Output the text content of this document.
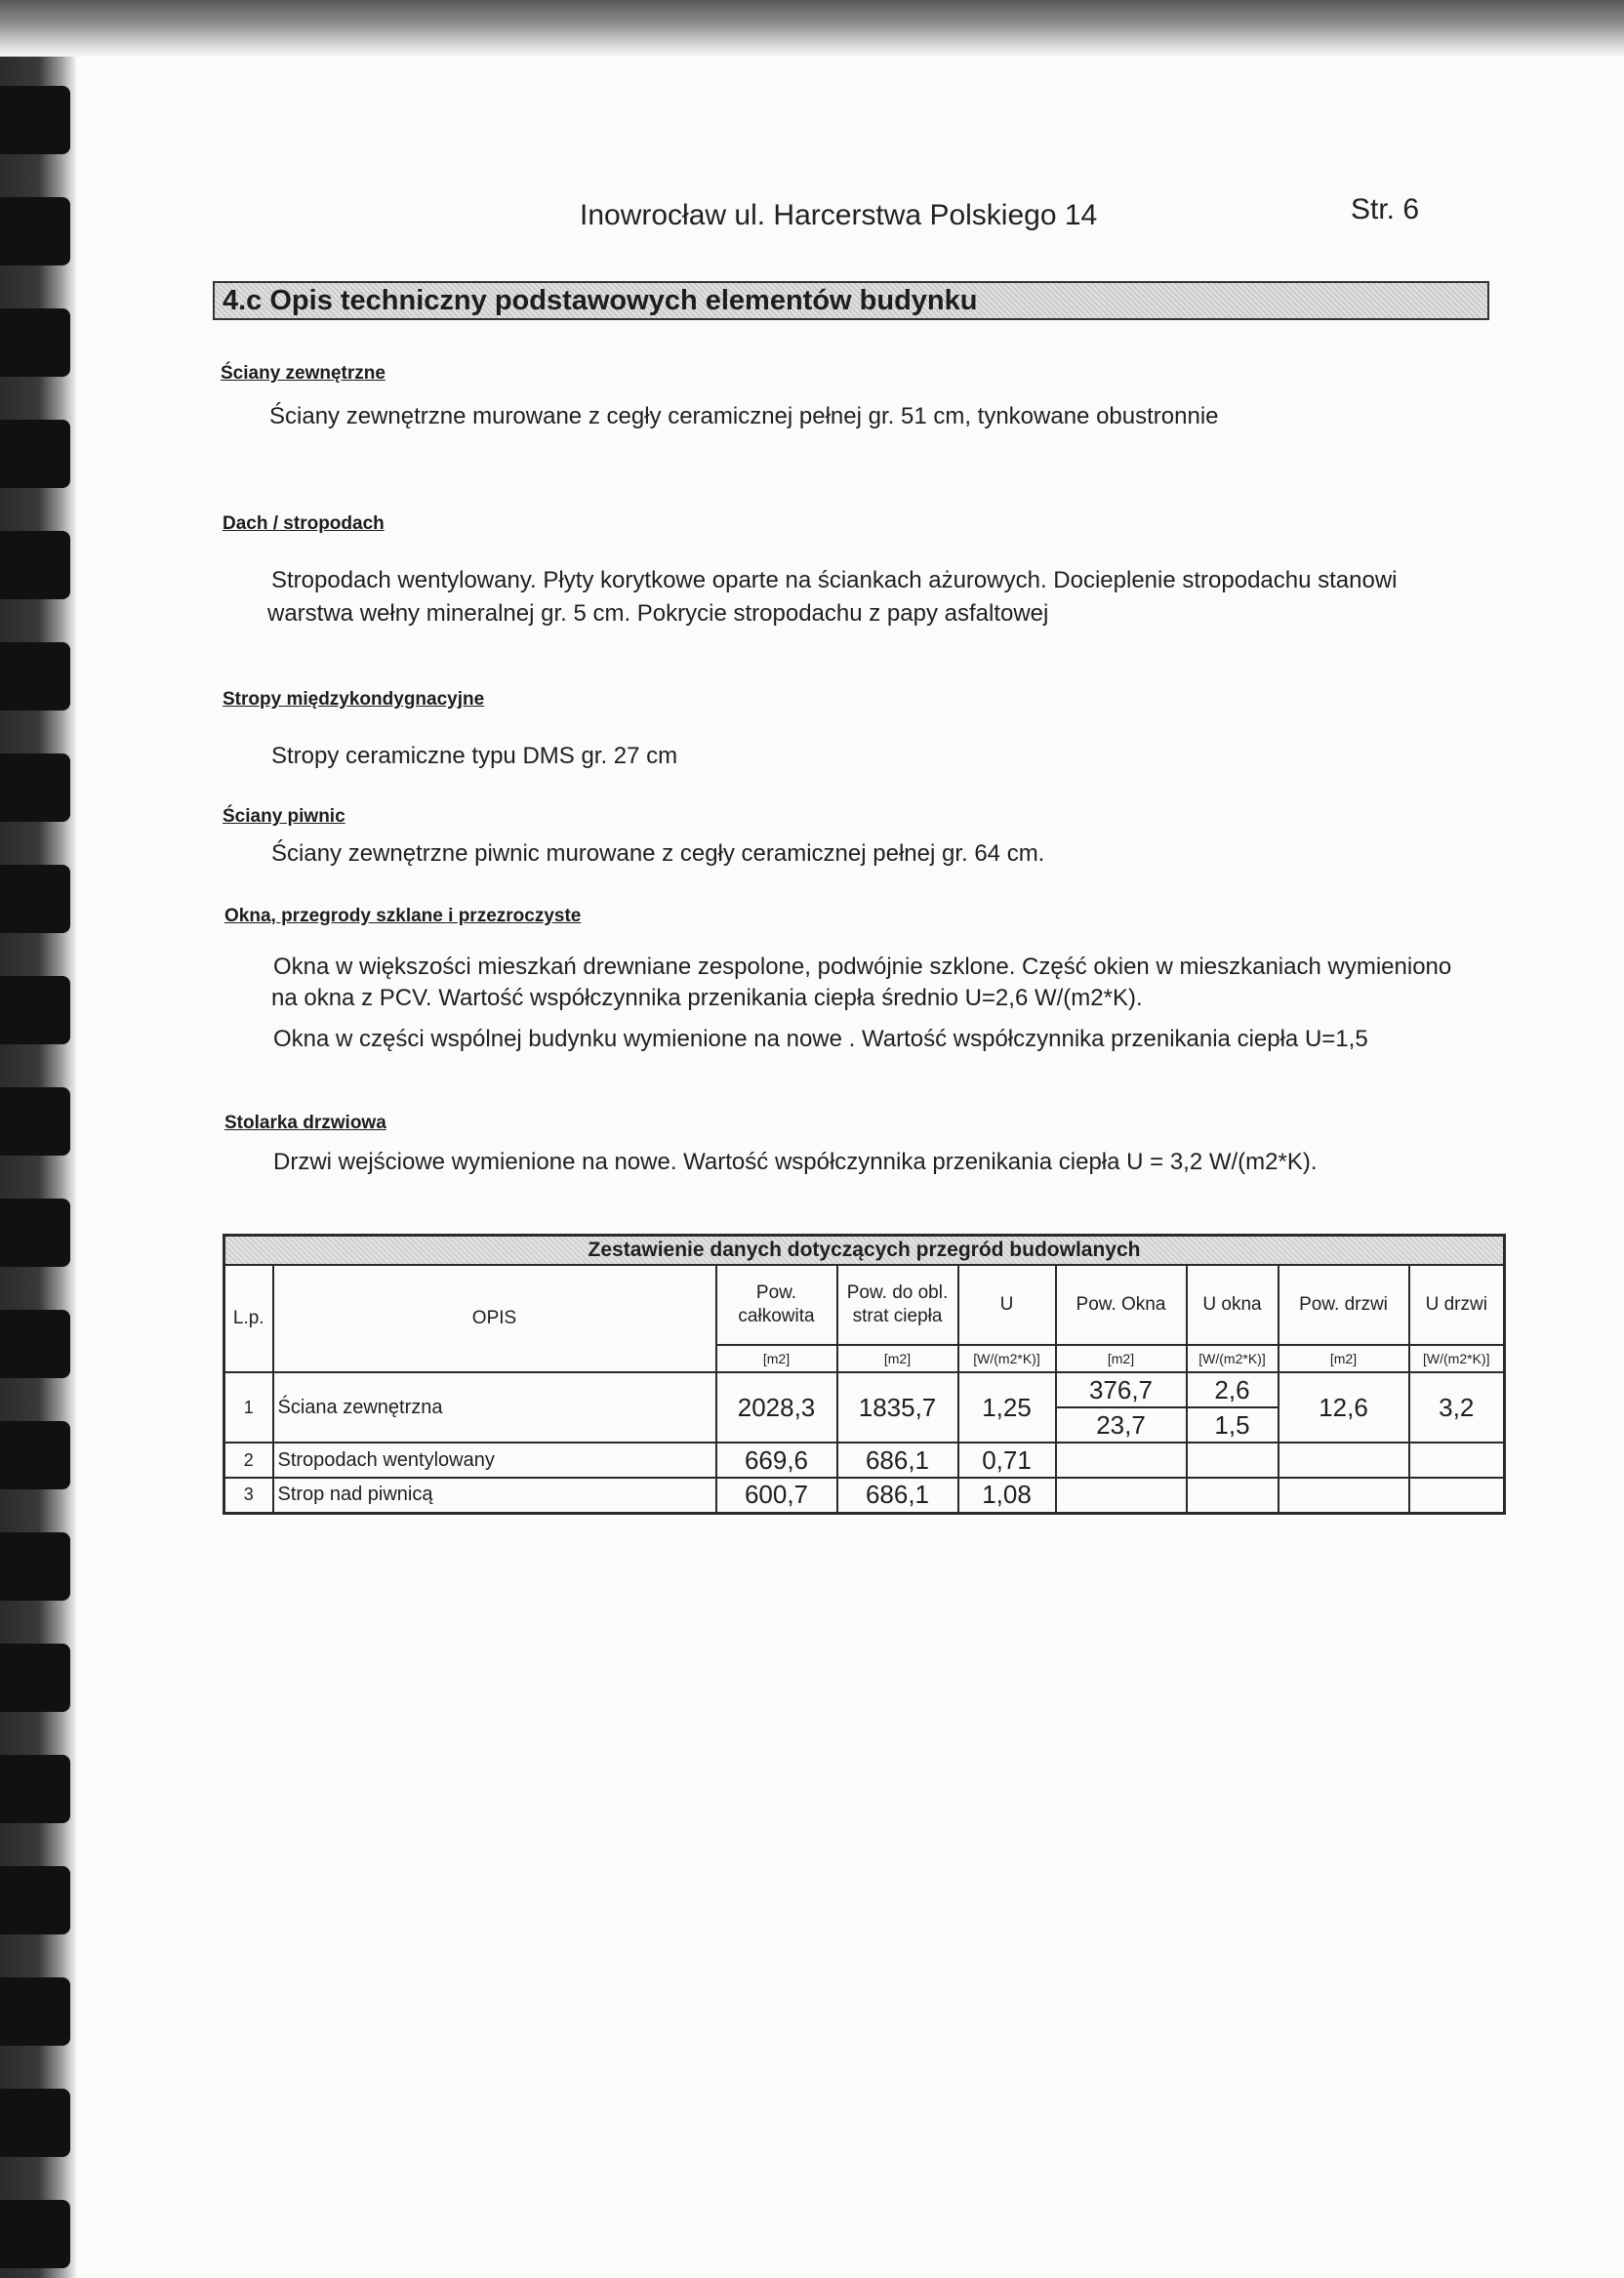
Inowrocław ul. Harcerstwa Polskiego 14	Str. 6
4.c Opis techniczny podstawowych elementów budynku
Ściany zewnętrzne
Ściany zewnętrzne murowane z cegły ceramicznej pełnej gr. 51 cm, tynkowane obustronnie
Dach / stropodach
Stropodach wentylowany. Płyty korytkowe oparte na ściankach ażurowych. Docieplenie stropodachu stanowi
warstwa wełny mineralnej gr. 5 cm. Pokrycie stropodachu z papy asfaltowej
Stropy międzykondygnacyjne
Stropy ceramiczne typu DMS gr. 27 cm
Ściany piwnic
Ściany zewnętrzne piwnic murowane z cegły ceramicznej pełnej gr. 64 cm.
Okna, przegrody szklane i przezroczyste
Okna w większości mieszkań drewniane zespolone, podwójnie szklone. Część okien w mieszkaniach wymieniono
na okna z PCV. Wartość współczynnika przenikania ciepła średnio U=2,6 W/(m2*K).
Okna w części wspólnej budynku wymienione na nowe . Wartość współczynnika przenikania ciepła U=1,5
Stolarka drzwiowa
Drzwi wejściowe wymienione na nowe. Wartość współczynnika przenikania ciepła U = 3,2 W/(m2*K).
Zestawienie danych dotyczących przegród budowlanych								
L.p.	OPIS	Pow. całkowita	Pow. do obl. strat ciepła	U	Pow. Okna	U okna	Pow. drzwi	U drzwi
		[m2]	[m2]	[W/(m2*K)]	[m2]	[W/(m2*K)]	[m2]	[W/(m2*K)]
1	Ściana zewnętrzna	2028,3	1835,7	1,25	376,7	2,6	12,6	3,2
					23,7	1,5		
2	Stropodach wentylowany	669,6	686,1	0,71				
3	Strop nad piwnicą	600,7	686,1	1,08				
